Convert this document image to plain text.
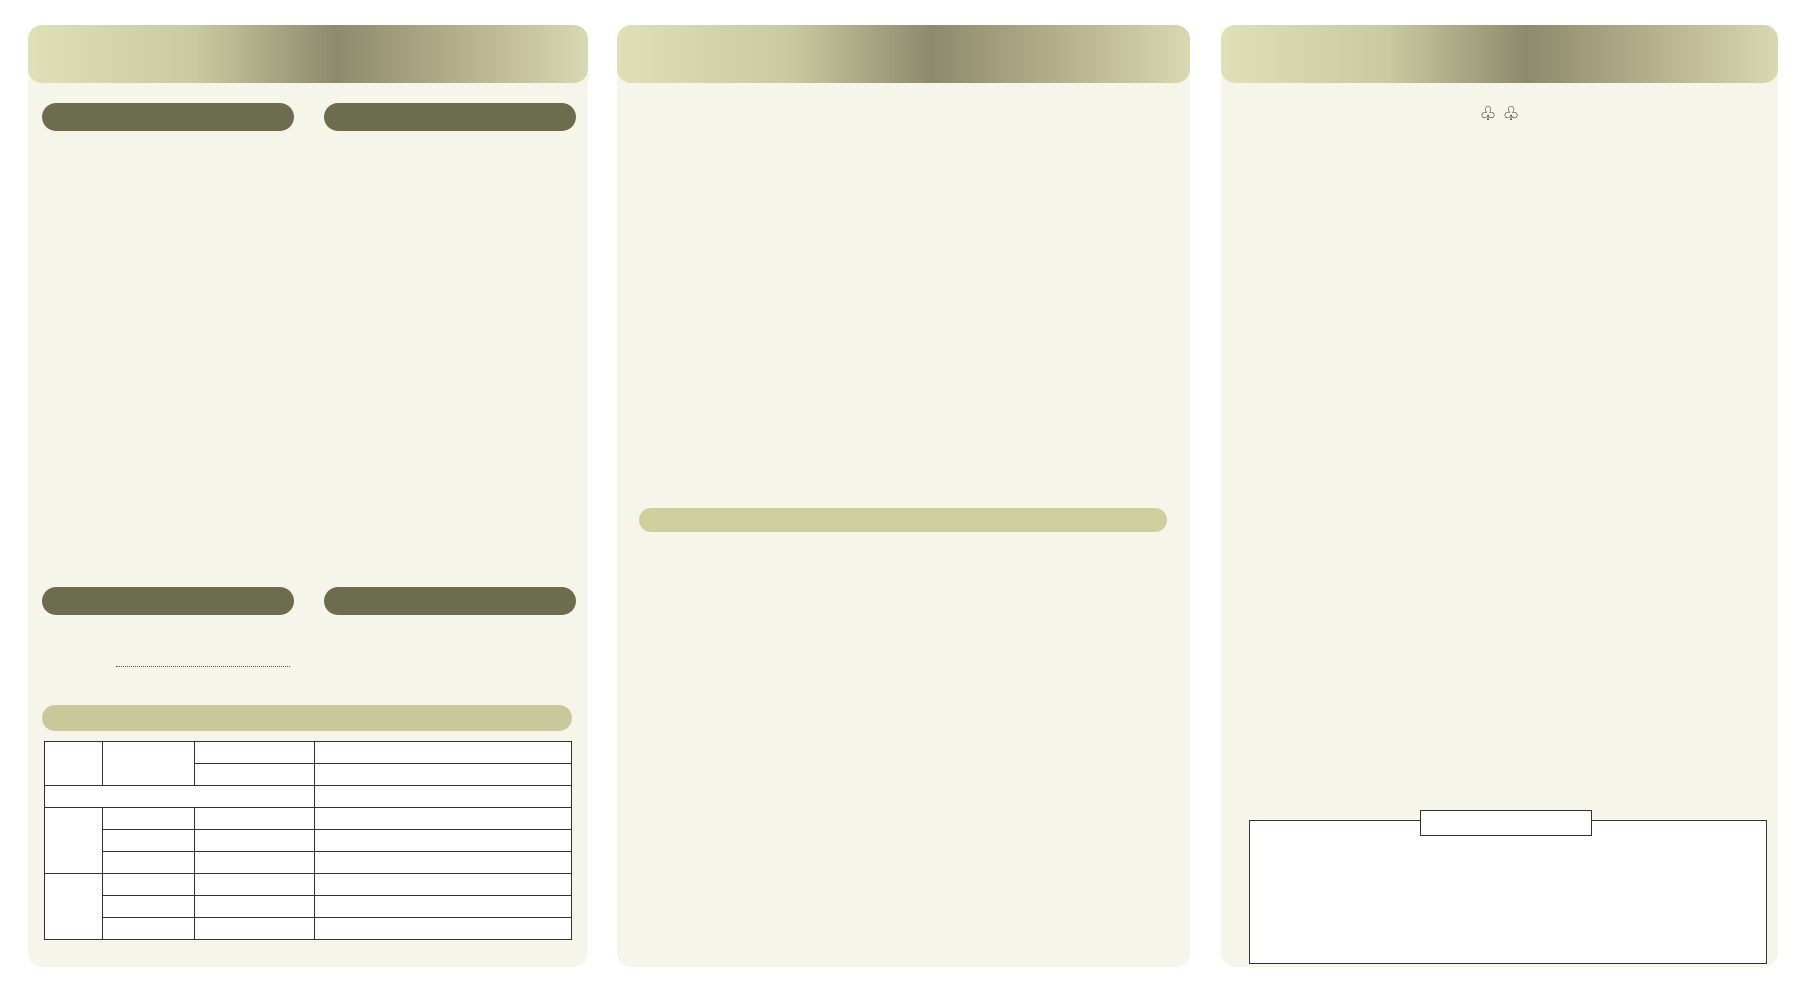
♧ ♧
